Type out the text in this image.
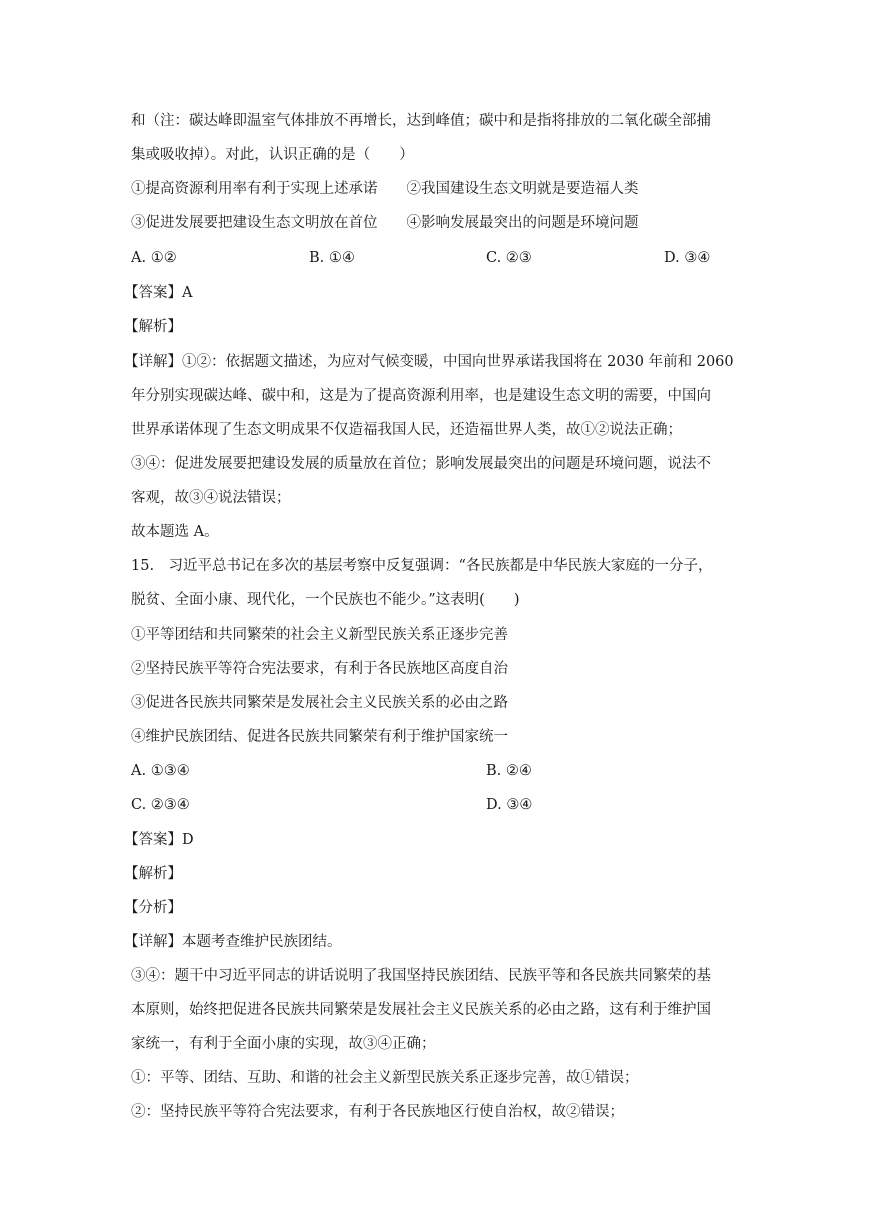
和（注：碳达峰即温室气体排放不再增长，达到峰值；碳中和是指将排放的二氧化碳全部捕
集或吸收掉）。对此，认识正确的是（　　）
①提高资源利用率有利于实现上述承诺　　②我国建设生态文明就是要造福人类
③促进发展要把建设生态文明放在首位　　④影响发展最突出的问题是环境问题
A. ①②	B. ①④	C. ②③	D. ③④
【答案】A
【解析】
【详解】①②：依据题文描述，为应对气候变暖，中国向世界承诺我国将在 2030 年前和 2060
年分别实现碳达峰、碳中和，这是为了提高资源利用率，也是建设生态文明的需要，中国向
世界承诺体现了生态文明成果不仅造福我国人民，还造福世界人类，故①②说法正确；
③④：促进发展要把建设发展的质量放在首位；影响发展最突出的问题是环境问题，说法不
客观，故③④说法错误；
故本题选 A。
15.　习近平总书记在多次的基层考察中反复强调：“各民族都是中华民族大家庭的一分子，
脱贫、全面小康、现代化，一个民族也不能少。”这表明(　　)
①平等团结和共同繁荣的社会主义新型民族关系正逐步完善
②坚持民族平等符合宪法要求，有利于各民族地区高度自治
③促进各民族共同繁荣是发展社会主义民族关系的必由之路
④维护民族团结、促进各民族共同繁荣有利于维护国家统一
A. ①③④	B. ②④
C. ②③④	D. ③④
【答案】D
【解析】
【分析】
【详解】本题考查维护民族团结。
③④：题干中习近平同志的讲话说明了我国坚持民族团结、民族平等和各民族共同繁荣的基
本原则，始终把促进各民族共同繁荣是发展社会主义民族关系的必由之路，这有利于维护国
家统一，有利于全面小康的实现，故③④正确；
①：平等、团结、互助、和谐的社会主义新型民族关系正逐步完善，故①错误；
②：坚持民族平等符合宪法要求，有利于各民族地区行使自治权，故②错误；
